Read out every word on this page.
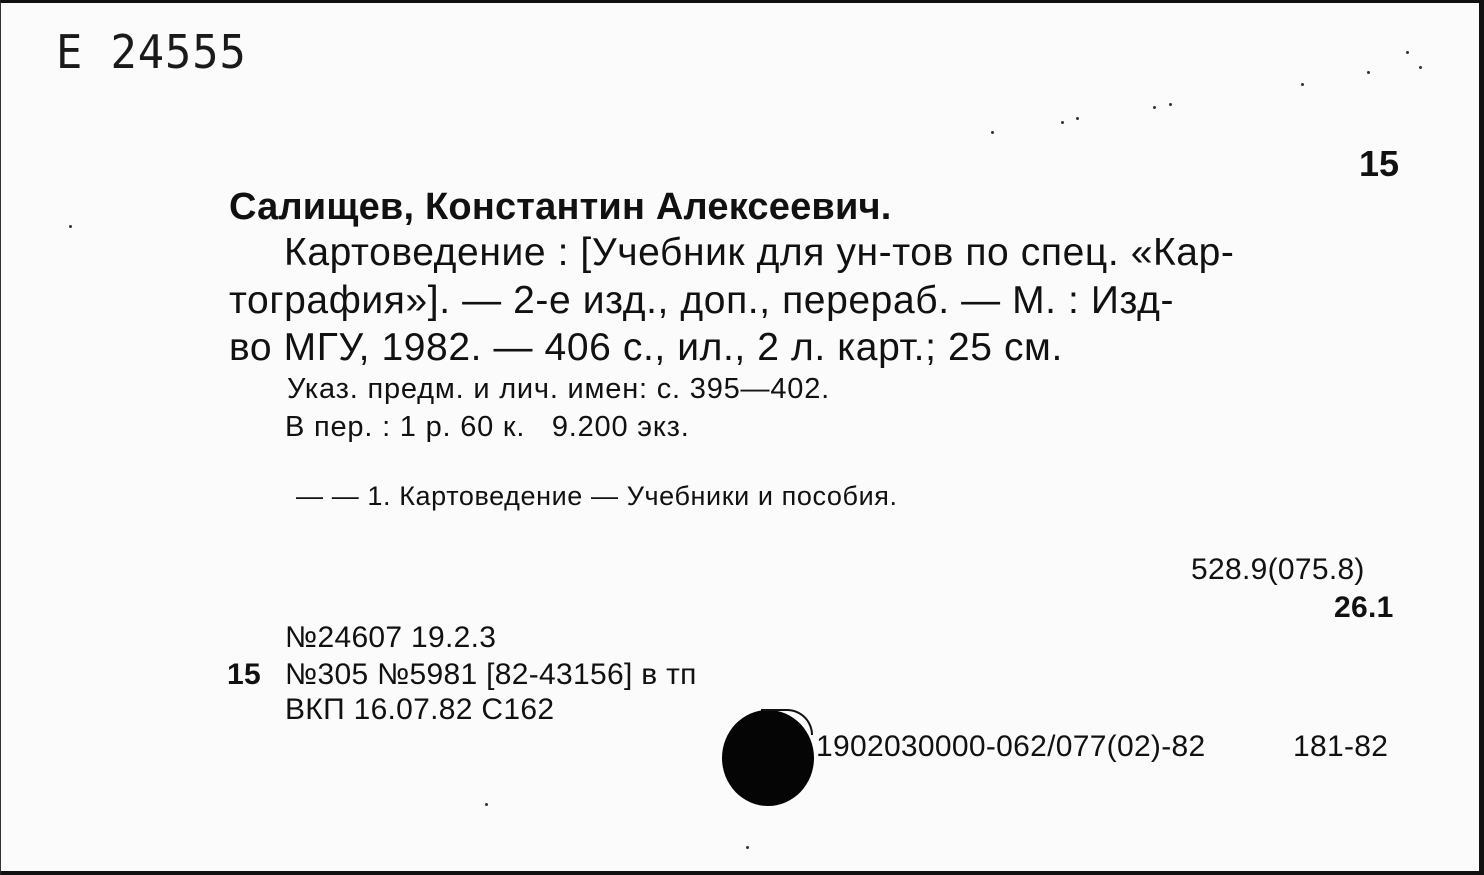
Е 24555
15
Салищев, Константин Алексеевич.
Картоведение : [Учебник для ун-тов по спец. «Кар-
тография»]. — 2-е изд., доп., перераб. — М. : Изд-
во МГУ, 1982. — 406 с., ил., 2 л. карт.; 25 см.
Указ. предм. и лич. имен: с. 395—402.
В пер. : 1 р. 60 к.   9.200 экз.
— — 1. Картоведение — Учебники и пособия.
528.9(075.8)
26.1
№24607 19.2.3
15 №305 №5981 [82-43156] в тп
ВКП 16.07.82 С162
1902030000-062/077(02)-82	181-82
